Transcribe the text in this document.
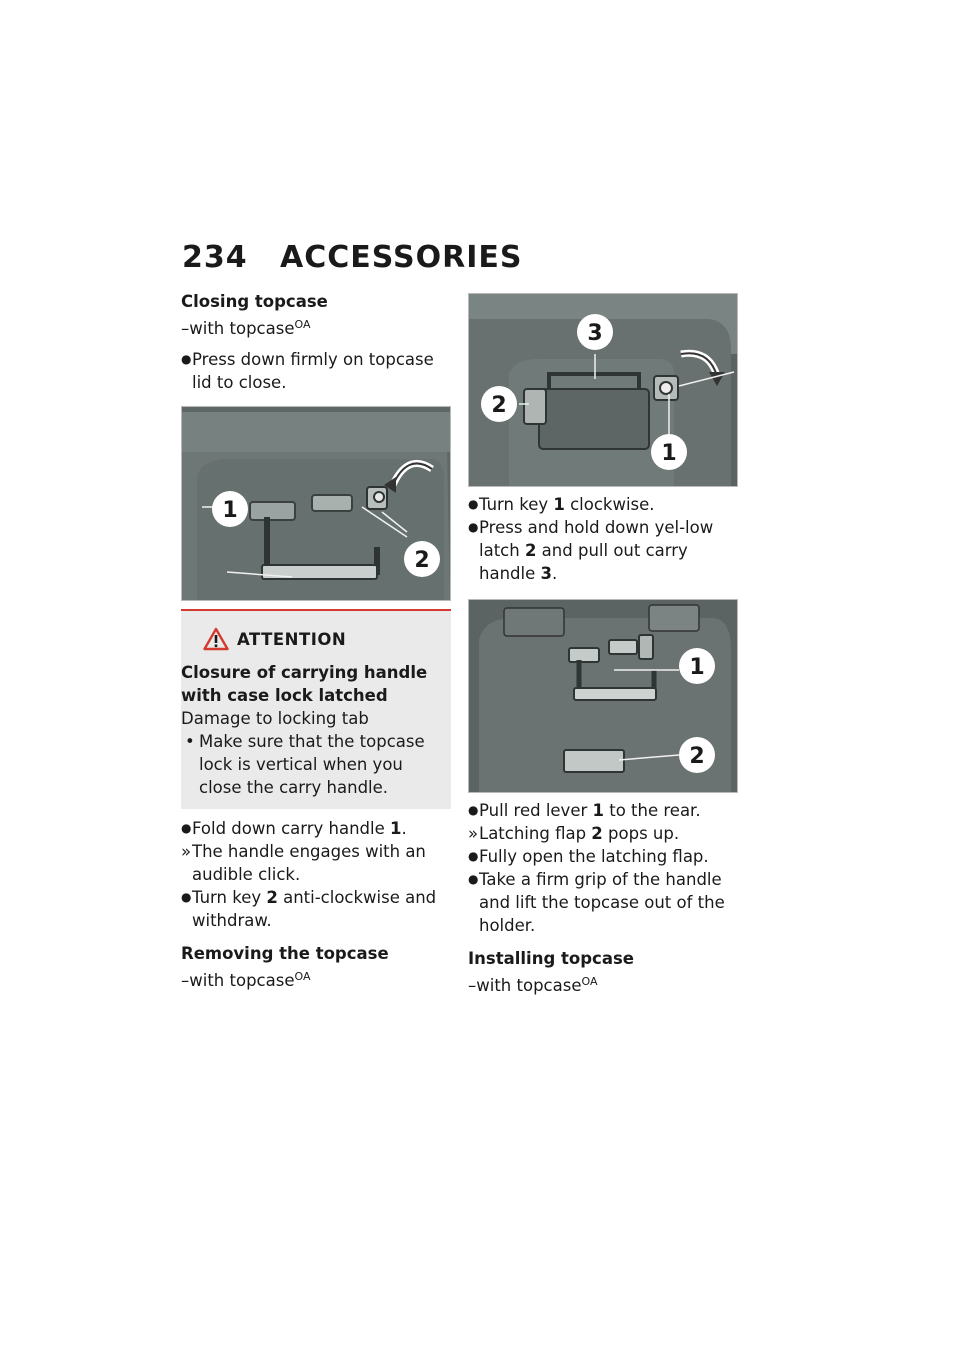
234	ACCESSORIES

Closing topcase

–with topcase$^{OA}$

● Press down firmly on topcase lid to close.

1
2
ATTENTION

Closure of carrying handle with case lock latched

Damage to locking tab

• Make sure that the topcase lock is vertical when you close the carry handle.

● Fold down carry handle 1.

» The handle engages with an audible click.

● Turn key 2 anti-clockwise and withdraw.

Removing the topcase

–with topcase$^{OA}$

3
2
1

● Turn key 1 clockwise.

● Press and hold down yel-low latch 2 and pull out carry handle 3.

1
2

● Pull red lever 1 to the rear.

» Latching flap 2 pops up.

● Fully open the latching flap.

● Take a firm grip of the handle and lift the topcase out of the holder.

Installing topcase

–with topcase$^{OA}$
